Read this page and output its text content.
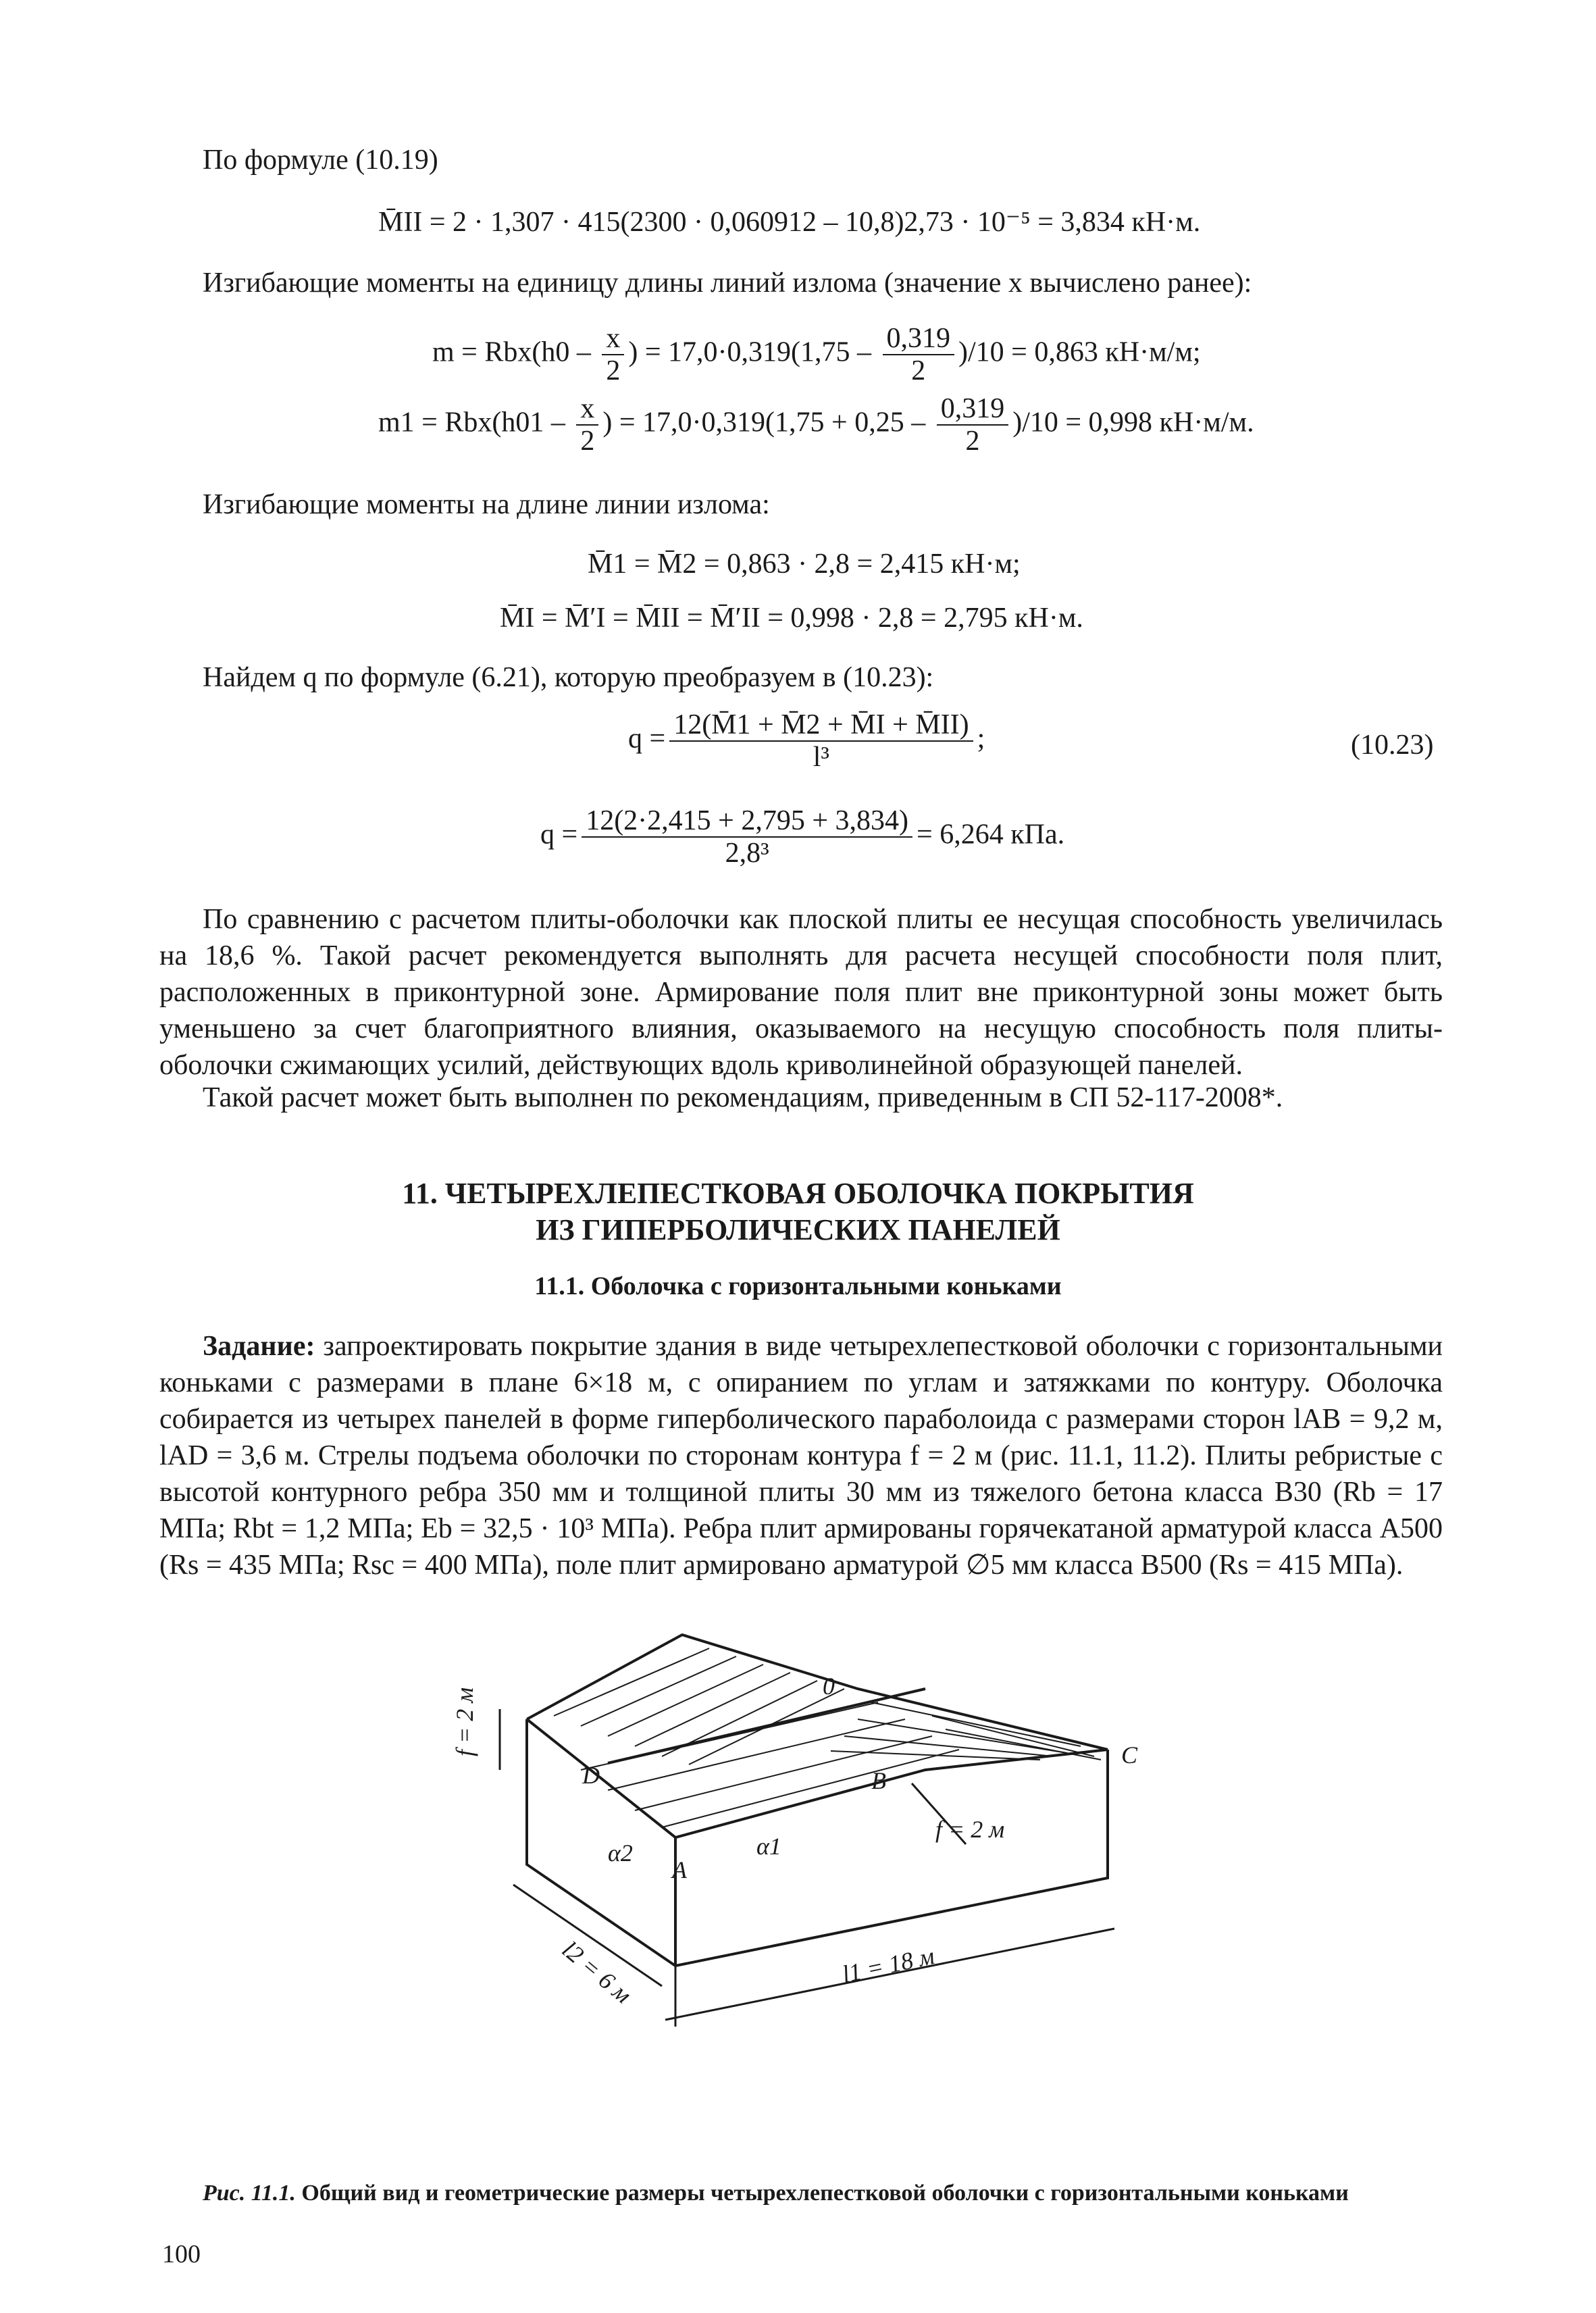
По формуле (10.19)
M̄II = 2 · 1,307 · 415(2300 · 0,060912 – 10,8)2,73 · 10⁻⁵ = 3,834 кН·м.
Изгибающие моменты на единицу длины линий излома (значение x вычислено ранее):
$m = Rbx(h0 - \frac{x}{2}$ ) = $17,0\cdot 0,319(1,75 - \frac{0,319}{2} )/10 = 0,863$ кН·м/м;
$m1 = Rbx(h01 - \frac{x}{2}$ ) = $17,0\cdot 0,319(1,75 + 0,25 - \frac{0,319}{2} )/10 = 0,998$ кН·м/м.
Изгибающие моменты на длине линии излома:
M̄1 = M̄2 = 0,863 · 2,8 = 2,415 кН·м;
M̄I = M̄′I = M̄II = M̄′II = 0,998 · 2,8 = 2,795 кН·м.
Найдем q по формуле (6.21), которую преобразуем в (10.23):
$q = \frac{12(M̄1 + M̄2 + M̄I + M̄II)}{\text{l³}}$ ;	(10.23)
$q = \frac{12(2\cdot 2,415 + 2,795 + 3,834)}{\text{2,8³}} = 6,264$ кПа.
По сравнению с расчетом плиты-оболочки как плоской плиты ее несущая способность увеличилась на 18,6 %. Такой расчет рекомендуется выполнять для расчета несущей способности поля плит, расположенных в приконтурной зоне. Армирование поля плит вне приконтурной зоны может быть уменьшено за счет благоприятного влияния, оказываемого на несущую способность поля плиты-оболочки сжимающих усилий, действующих вдоль криволинейной образующей панелей.
Такой расчет может быть выполнен по рекомендациям, приведенным в СП 52-117-2008*.
11. ЧЕТЫРЕХЛЕПЕСТКОВАЯ ОБОЛОЧКА ПОКРЫТИЯ
ИЗ ГИПЕРБОЛИЧЕСКИХ ПАНЕЛЕЙ
11.1. Оболочка с горизонтальными коньками
Задание: запроектировать покрытие здания в виде четырехлепестковой оболочки с горизонтальными коньками с размерами в плане 6×18 м, с опиранием по углам и затяжками по контуру. Оболочка собирается из четырех панелей в форме гиперболического параболоида с размерами сторон lAB = 9,2 м, lAD = 3,6 м. Стрелы подъема оболочки по сторонам контура f = 2 м (рис. 11.1, 11.2). Плиты ребристые с высотой контурного ребра 350 мм и толщиной плиты 30 мм из тяжелого бетона класса В30 (Rb = 17 МПа; Rbt = 1,2 МПа; Eb = 32,5 · 10³ МПа). Ребра плит армированы горячекатаной арматурой класса А500 (Rs = 435 МПа; Rsc = 400 МПа), поле плит армировано арматурой ∅5 мм класса В500 (Rs = 415 МПа).
f = 2 м
f = 2 м
D	B
C
A
0
α2	α1
l2 = 6 м	l1 = 18 м
Рис. 11.1. Общий вид и геометрические размеры четырехлепестковой оболочки с горизонтальными коньками
100
